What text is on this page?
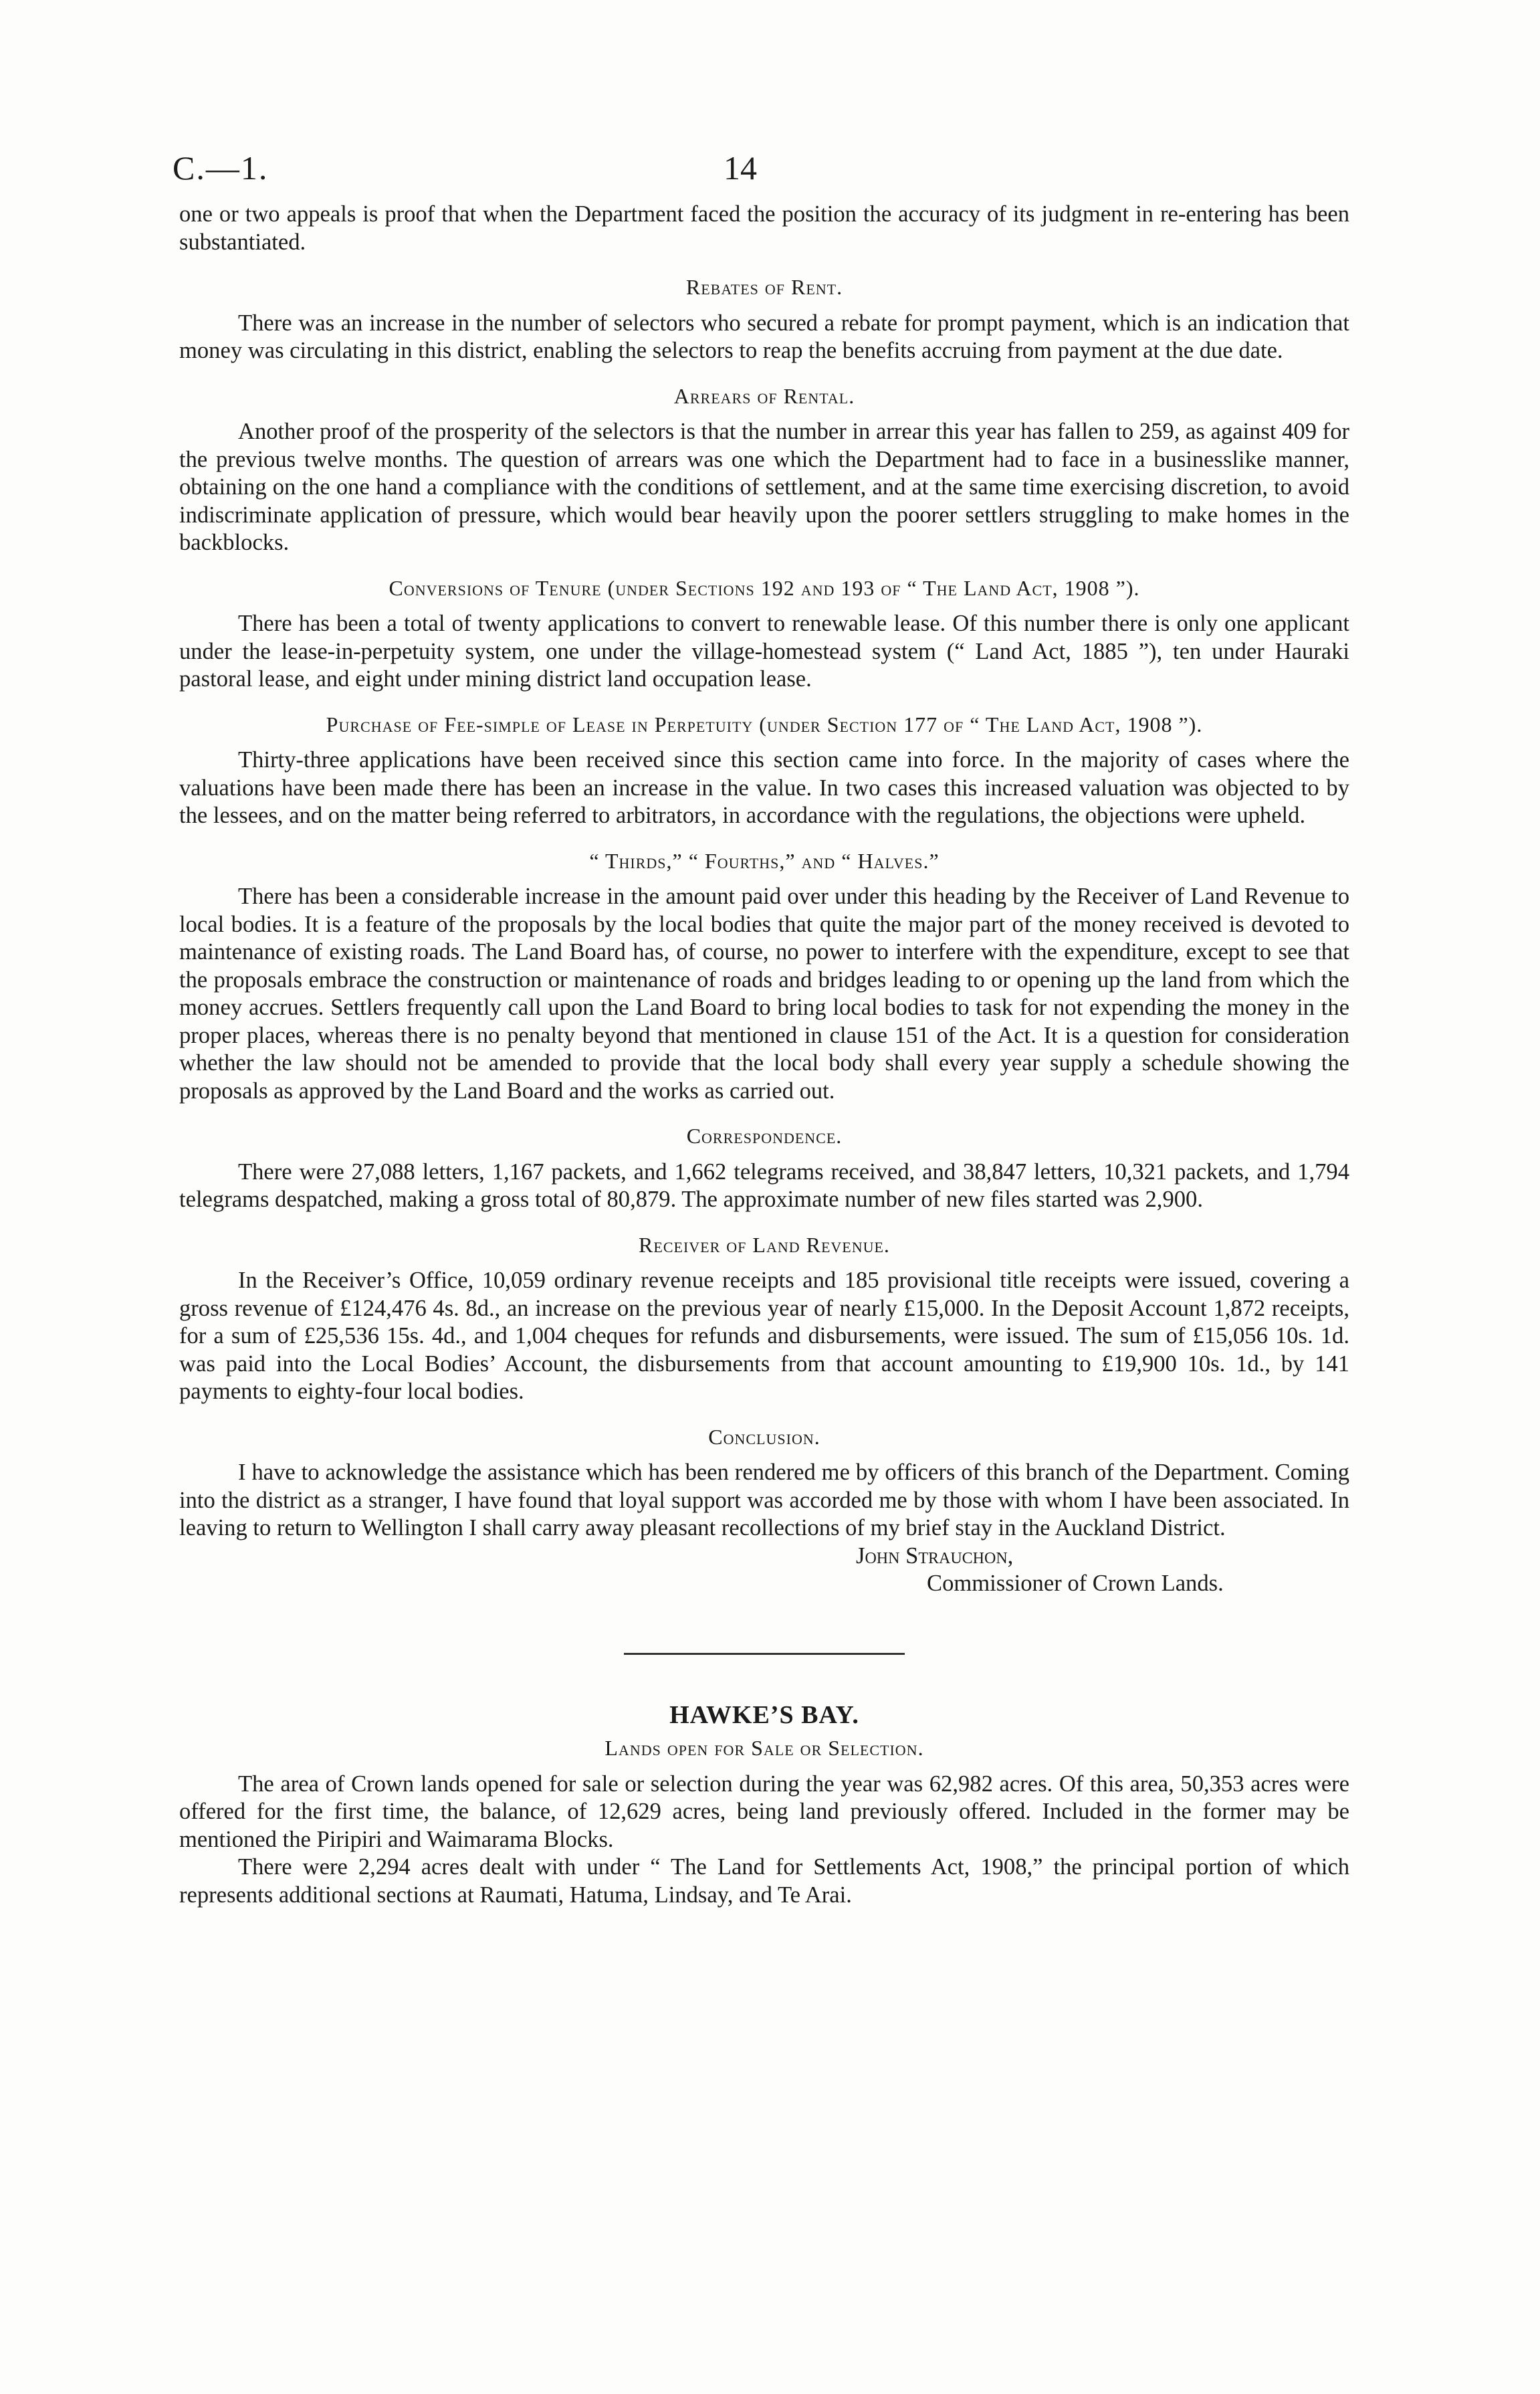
C.—1.	14

one or two appeals is proof that when the Department faced the position the accuracy of its judgment in re-entering has been substantiated.

Rebates of Rent.

There was an increase in the number of selectors who secured a rebate for prompt payment, which is an indication that money was circulating in this district, enabling the selectors to reap the benefits accruing from payment at the due date.

Arrears of Rental.

Another proof of the prosperity of the selectors is that the number in arrear this year has fallen to 259, as against 409 for the previous twelve months. The question of arrears was one which the Department had to face in a businesslike manner, obtaining on the one hand a compliance with the conditions of settlement, and at the same time exercising discretion, to avoid indiscriminate application of pressure, which would bear heavily upon the poorer settlers struggling to make homes in the backblocks.

Conversions of Tenure (under Sections 192 and 193 of “ The Land Act, 1908 ”).

There has been a total of twenty applications to convert to renewable lease. Of this number there is only one applicant under the lease-in-perpetuity system, one under the village-homestead system (“ Land Act, 1885 ”), ten under Hauraki pastoral lease, and eight under mining district land occupation lease.

Purchase of Fee-simple of Lease in Perpetuity (under Section 177 of “ The Land Act, 1908 ”).

Thirty-three applications have been received since this section came into force. In the majority of cases where the valuations have been made there has been an increase in the value. In two cases this increased valuation was objected to by the lessees, and on the matter being referred to arbitrators, in accordance with the regulations, the objections were upheld.

“ Thirds,” “ Fourths,” and “ Halves.”

There has been a considerable increase in the amount paid over under this heading by the Receiver of Land Revenue to local bodies. It is a feature of the proposals by the local bodies that quite the major part of the money received is devoted to maintenance of existing roads. The Land Board has, of course, no power to interfere with the expenditure, except to see that the proposals embrace the construction or maintenance of roads and bridges leading to or opening up the land from which the money accrues. Settlers frequently call upon the Land Board to bring local bodies to task for not expending the money in the proper places, whereas there is no penalty beyond that mentioned in clause 151 of the Act. It is a question for consideration whether the law should not be amended to provide that the local body shall every year supply a schedule showing the proposals as approved by the Land Board and the works as carried out.

Correspondence.

There were 27,088 letters, 1,167 packets, and 1,662 telegrams received, and 38,847 letters, 10,321 packets, and 1,794 telegrams despatched, making a gross total of 80,879. The approximate number of new files started was 2,900.

Receiver of Land Revenue.

In the Receiver’s Office, 10,059 ordinary revenue receipts and 185 provisional title receipts were issued, covering a gross revenue of £124,476 4s. 8d., an increase on the previous year of nearly £15,000. In the Deposit Account 1,872 receipts, for a sum of £25,536 15s. 4d., and 1,004 cheques for refunds and disbursements, were issued. The sum of £15,056 10s. 1d. was paid into the Local Bodies’ Account, the disbursements from that account amounting to £19,900 10s. 1d., by 141 payments to eighty-four local bodies.

Conclusion.

I have to acknowledge the assistance which has been rendered me by officers of this branch of the Department. Coming into the district as a stranger, I have found that loyal support was accorded me by those with whom I have been associated. In leaving to return to Wellington I shall carry away pleasant recollections of my brief stay in the Auckland District.

John Strauchon,
Commissioner of Crown Lands.
HAWKE’S BAY.
Lands open for Sale or Selection.

The area of Crown lands opened for sale or selection during the year was 62,982 acres. Of this area, 50,353 acres were offered for the first time, the balance, of 12,629 acres, being land previously offered. Included in the former may be mentioned the Piripiri and Waimarama Blocks.

There were 2,294 acres dealt with under “ The Land for Settlements Act, 1908,” the principal portion of which represents additional sections at Raumati, Hatuma, Lindsay, and Te Arai.
